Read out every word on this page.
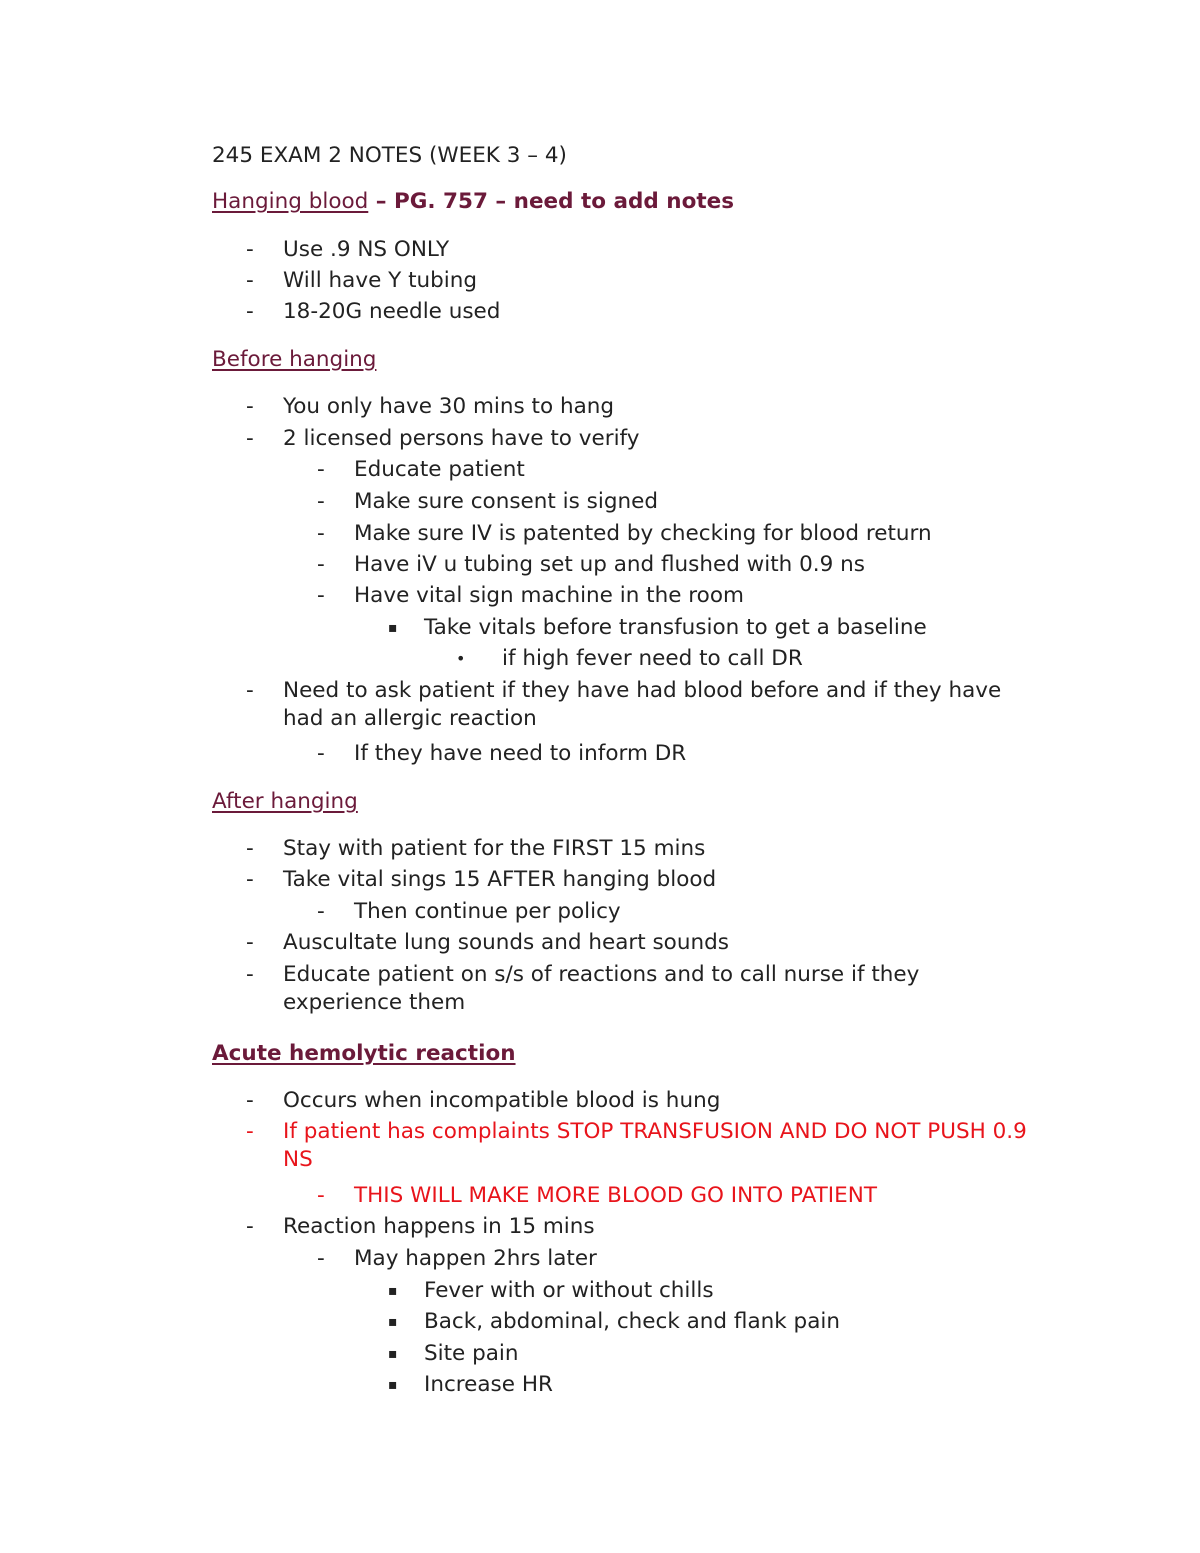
245 EXAM 2 NOTES (WEEK 3 – 4)
Hanging blood – PG. 757 – need to add notes
-	Use .9 NS ONLY
-	Will have Y tubing
-	18-20G needle used
Before hanging
-	You only have 30 mins to hang
-	2 licensed persons have to verify
-	Educate patient
-	Make sure consent is signed
-	Make sure IV is patented by checking for blood return
-	Have iV u tubing set up and flushed with 0.9 ns
-	Have vital sign machine in the room
▪	Take vitals before transfusion to get a baseline
•	if high fever need to call DR
-	Need to ask patient if they have had blood before and if they have had an allergic reaction
-	If they have need to inform DR
After hanging
-	Stay with patient for the FIRST 15 mins
-	Take vital sings 15 AFTER hanging blood
-	Then continue per policy
-	Auscultate lung sounds and heart sounds
-	Educate patient on s/s of reactions and to call nurse if they experience them
Acute hemolytic reaction
-	Occurs when incompatible blood is hung
-	If patient has complaints STOP TRANSFUSION AND DO NOT PUSH 0.9 NS
-	THIS WILL MAKE MORE BLOOD GO INTO PATIENT
-	Reaction happens in 15 mins
-	May happen 2hrs later
▪	Fever with or without chills
▪	Back, abdominal, check and flank pain
▪	Site pain
▪	Increase HR
